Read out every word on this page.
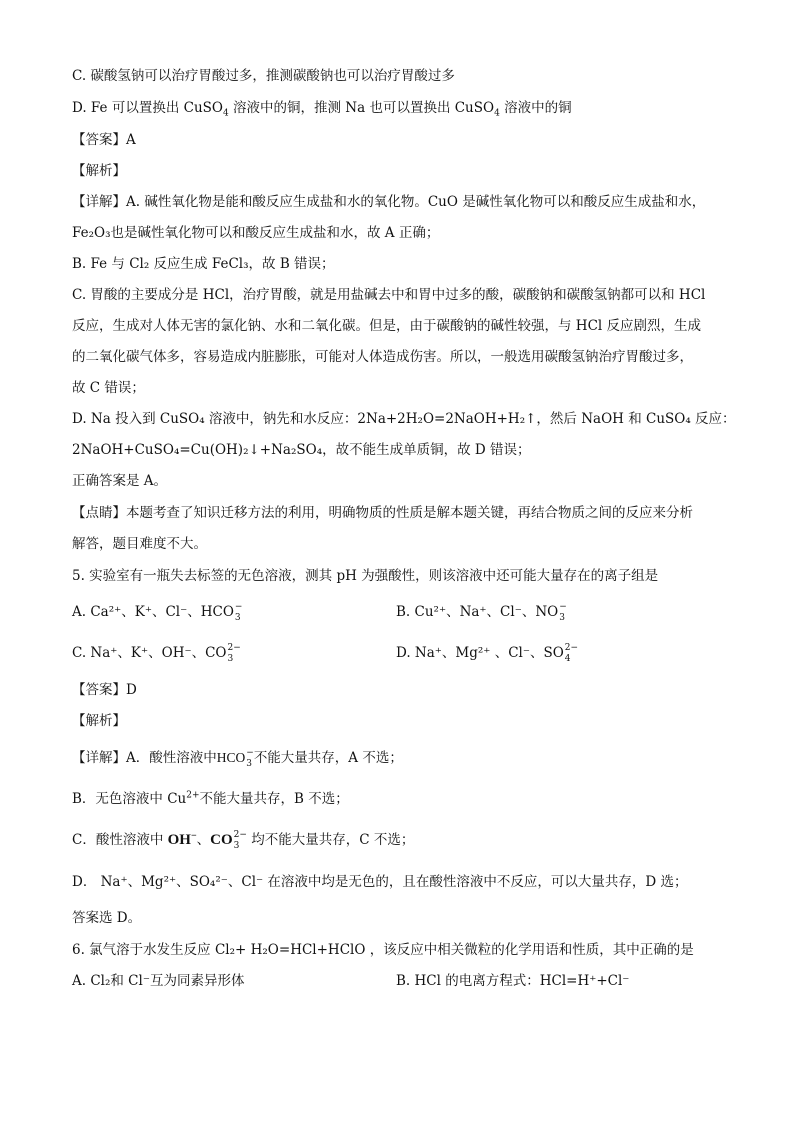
C. 碳酸氢钠可以治疗胃酸过多，推测碳酸钠也可以治疗胃酸过多
D. Fe 可以置换出 CuSO$_4$ 溶液中的铜，推测 Na 也可以置换出 CuSO$_4$ 溶液中的铜
【答案】A
【解析】
【详解】A. 碱性氧化物是能和酸反应生成盐和水的氧化物。CuO 是碱性氧化物可以和酸反应生成盐和水，
Fe₂O₃也是碱性氧化物可以和酸反应生成盐和水，故 A 正确；
B. Fe 与 Cl₂ 反应生成 FeCl₃，故 B 错误；
C. 胃酸的主要成分是 HCl，治疗胃酸，就是用盐碱去中和胃中过多的酸，碳酸钠和碳酸氢钠都可以和 HCl
反应，生成对人体无害的氯化钠、水和二氧化碳。但是，由于碳酸钠的碱性较强，与 HCl 反应剧烈，生成
的二氧化碳气体多，容易造成内脏膨胀，可能对人体造成伤害。所以，一般选用碳酸氢钠治疗胃酸过多，
故 C 错误；
D. Na 投入到 CuSO₄ 溶液中，钠先和水反应：2Na+2H₂O=2NaOH+H₂↑，然后 NaOH 和 CuSO₄ 反应：
2NaOH+CuSO₄=Cu(OH)₂↓+Na₂SO₄，故不能生成单质铜，故 D 错误；
正确答案是 A。
【点睛】本题考查了知识迁移方法的利用，明确物质的性质是解本题关键，再结合物质之间的反应来分析
解答，题目难度不大。
5. 实验室有一瓶失去标签的无色溶液，测其 pH 为强酸性，则该溶液中还可能大量存在的离子组是
A. Ca²⁺、K⁺、Cl⁻、HCO −
3	B. Cu²⁺、Na⁺、Cl⁻、NO −
3
C. Na⁺、K⁺、OH⁻、CO 2−
3	D. Na⁺、Mg²⁺ 、Cl⁻、SO 2−
4
【答案】D
【解析】
【详解】A．酸性溶液中HCO −
3 不能大量共存，A 不选；
B．无色溶液中 $Cu^{2+}$不能大量共存，B 不选；
C．酸性溶液中 OH−、CO 2−
3 均不能大量共存，C 不选；
D． Na⁺、Mg²⁺、SO₄²⁻、Cl⁻ 在溶液中均是无色的，且在酸性溶液中不反应，可以大量共存，D 选；
答案选 D。
6. 氯气溶于水发生反应 Cl₂+ H₂O=HCl+HClO ，该反应中相关微粒的化学用语和性质，其中正确的是
A. Cl₂和 Cl⁻互为同素异形体	B. HCl 的电离方程式：HCl=H⁺+Cl⁻
